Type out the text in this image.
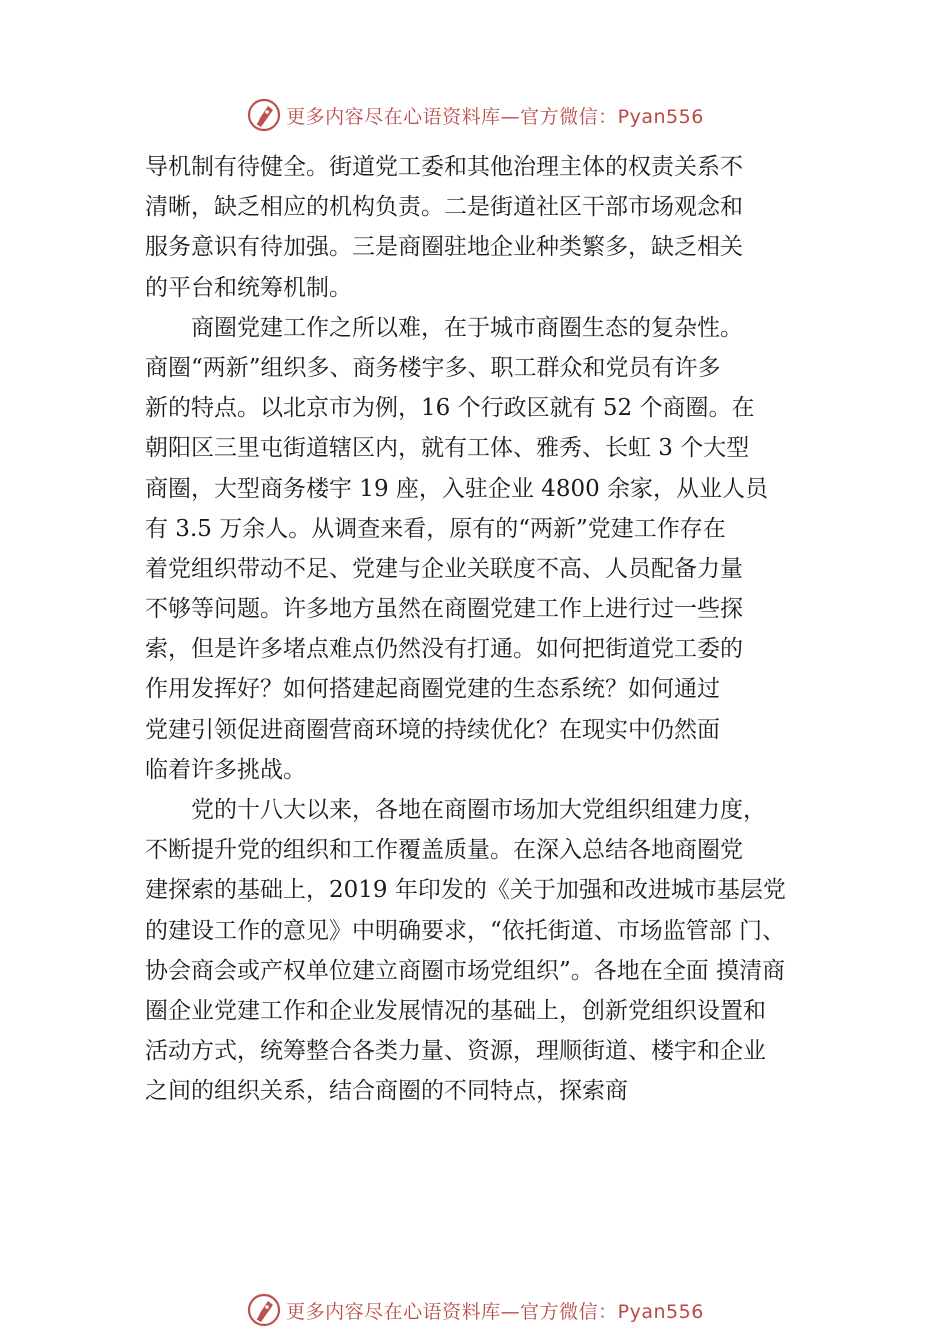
更多内容尽在心语资料库—官方微信：Pyan556
导机制有待健全。街道党工委和其他治理主体的权责关系不
清晰，缺乏相应的机构负责。二是街道社区干部市场观念和
服务意识有待加强。三是商圈驻地企业种类繁多，缺乏相关
的平台和统筹机制。
商圈党建工作之所以难，在于城市商圈生态的复杂性。
商圈“两新”组织多、商务楼宇多、职工群众和党员有许多
新的特点。以北京市为例，16 个行政区就有 52 个商圈。在
朝阳区三里屯街道辖区内，就有工体、雅秀、长虹 3 个大型
商圈，大型商务楼宇 19 座，入驻企业 4800 余家，从业人员
有 3.5 万余人。从调查来看，原有的“两新”党建工作存在
着党组织带动不足、党建与企业关联度不高、人员配备力量
不够等问题。许多地方虽然在商圈党建工作上进行过一些探
索，但是许多堵点难点仍然没有打通。如何把街道党工委的
作用发挥好？如何搭建起商圈党建的生态系统？如何通过
党建引领促进商圈营商环境的持续优化？在现实中仍然面
临着许多挑战。
党的十八大以来，各地在商圈市场加大党组织组建力度，
不断提升党的组织和工作覆盖质量。在深入总结各地商圈党
建探索的基础上，2019 年印发的《关于加强和改进城市基层党
的建设工作的意见》中明确要求，“依托街道、市场监管部 门、
协会商会或产权单位建立商圈市场党组织”。各地在全面 摸清商
圈企业党建工作和企业发展情况的基础上，创新党组织设置和
活动方式，统筹整合各类力量、资源，理顺街道、楼宇和企业
之间的组织关系，结合商圈的不同特点，探索商
更多内容尽在心语资料库—官方微信：Pyan556
